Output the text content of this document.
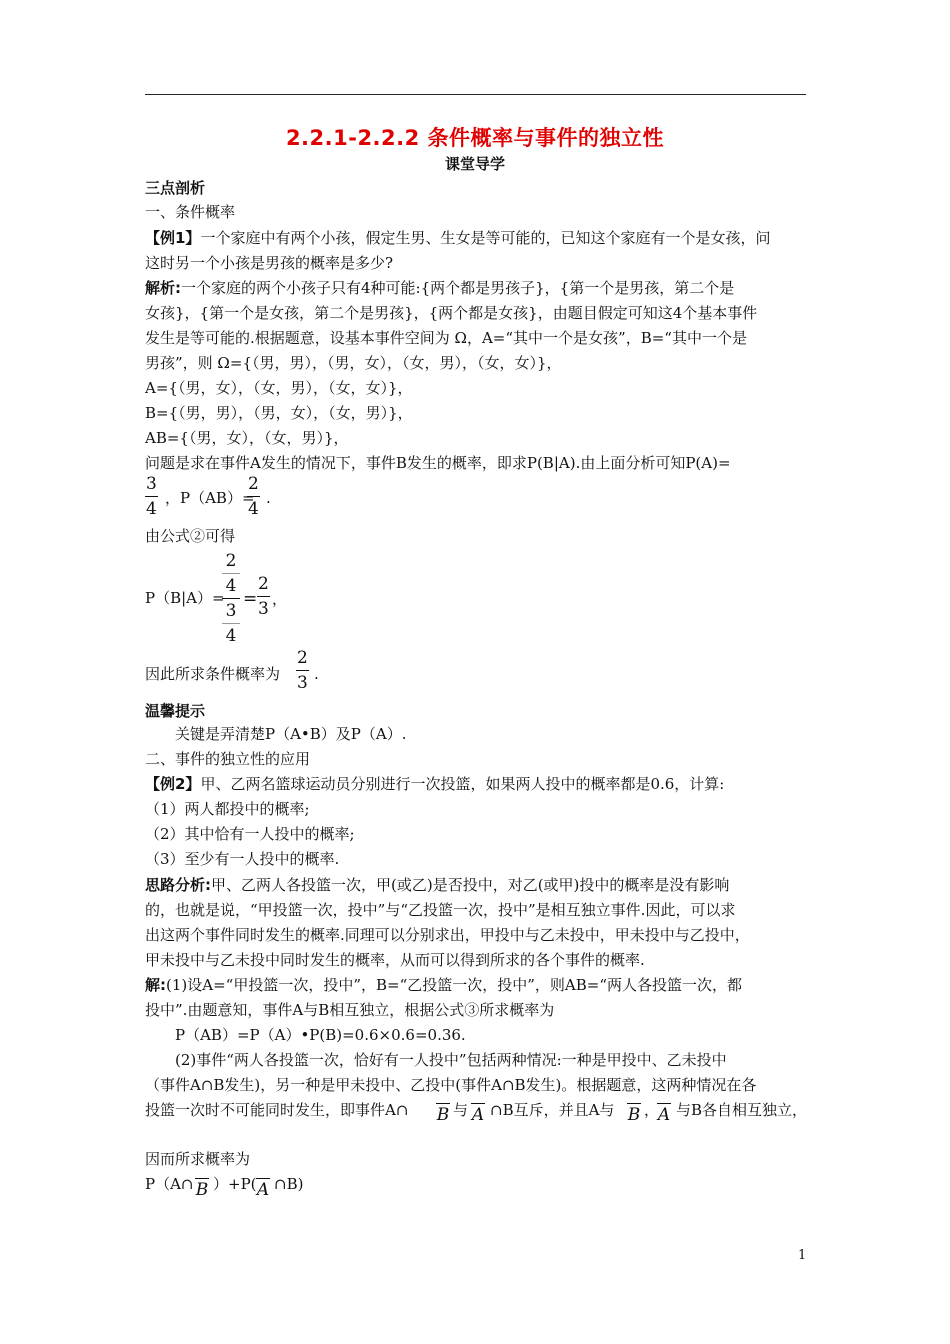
2.2.1-2.2.2 条件概率与事件的独立性
课堂导学
三点剖析
一、条件概率
【例1】一个家庭中有两个小孩，假定生男、生女是等可能的，已知这个家庭有一个是女孩，问
这时另一个小孩是男孩的概率是多少?
解析:一个家庭的两个小孩子只有4种可能:{两个都是男孩子}，{第一个是男孩，第二个是
女孩}，{第一个是女孩，第二个是男孩}，{两个都是女孩}，由题目假定可知这4个基本事件
发生是等可能的.根据题意，设基本事件空间为 Ω，A=“其中一个是女孩”，B=“其中一个是
男孩”，则 Ω={（男，男），（男，女），（女，男），（女，女）}，
A={（男，女），（女，男），（女，女）}，
B={（男，男），（男，女），（女，男）}，
AB={（男，女），（女，男）}，
问题是求在事件A发生的情况下，事件B发生的概率，即求P(B|A).由上面分析可知P(A)=
3
4
，P（AB）=
2
4
.
由公式②可得
P（B|A）=
2
4
3
4
=
2
3 ，
因此所求条件概率为
2
3 .
温馨提示
关键是弄清楚P（A•B）及P（A）.
二、事件的独立性的应用
【例2】甲、乙两名篮球运动员分别进行一次投篮，如果两人投中的概率都是0.6，计算:
（1）两人都投中的概率;
（2）其中恰有一人投中的概率;
（3）至少有一人投中的概率.
思路分析:甲、乙两人各投篮一次，甲(或乙)是否投中，对乙(或甲)投中的概率是没有影响
的，也就是说，“甲投篮一次，投中”与“乙投篮一次，投中”是相互独立事件.因此，可以求
出这两个事件同时发生的概率.同理可以分别求出，甲投中与乙未投中，甲未投中与乙投中，
甲未投中与乙未投中同时发生的概率，从而可以得到所求的各个事件的概率.
解:(1)设A=“甲投篮一次，投中”，B=“乙投篮一次，投中”，则AB=“两人各投篮一次，都
投中”.由题意知，事件A与B相互独立，根据公式③所求概率为
P（AB）=P（A）•P(B)=0.6×0.6=0.36.
(2)事件“两人各投篮一次，恰好有一人投中”包括两种情况:一种是甲投中、乙未投中
（事件A∩B发生)，另一种是甲未投中、乙投中(事件A∩B发生)。根据题意，这两种情况在各
投篮一次时不可能同时发生，即事件A∩ B 与 A ∩B互斥，并且A与 B ，
A 与B各自相互独立，
因而所求概率为
P（A∩ B ）+P( A ∩B)
1
